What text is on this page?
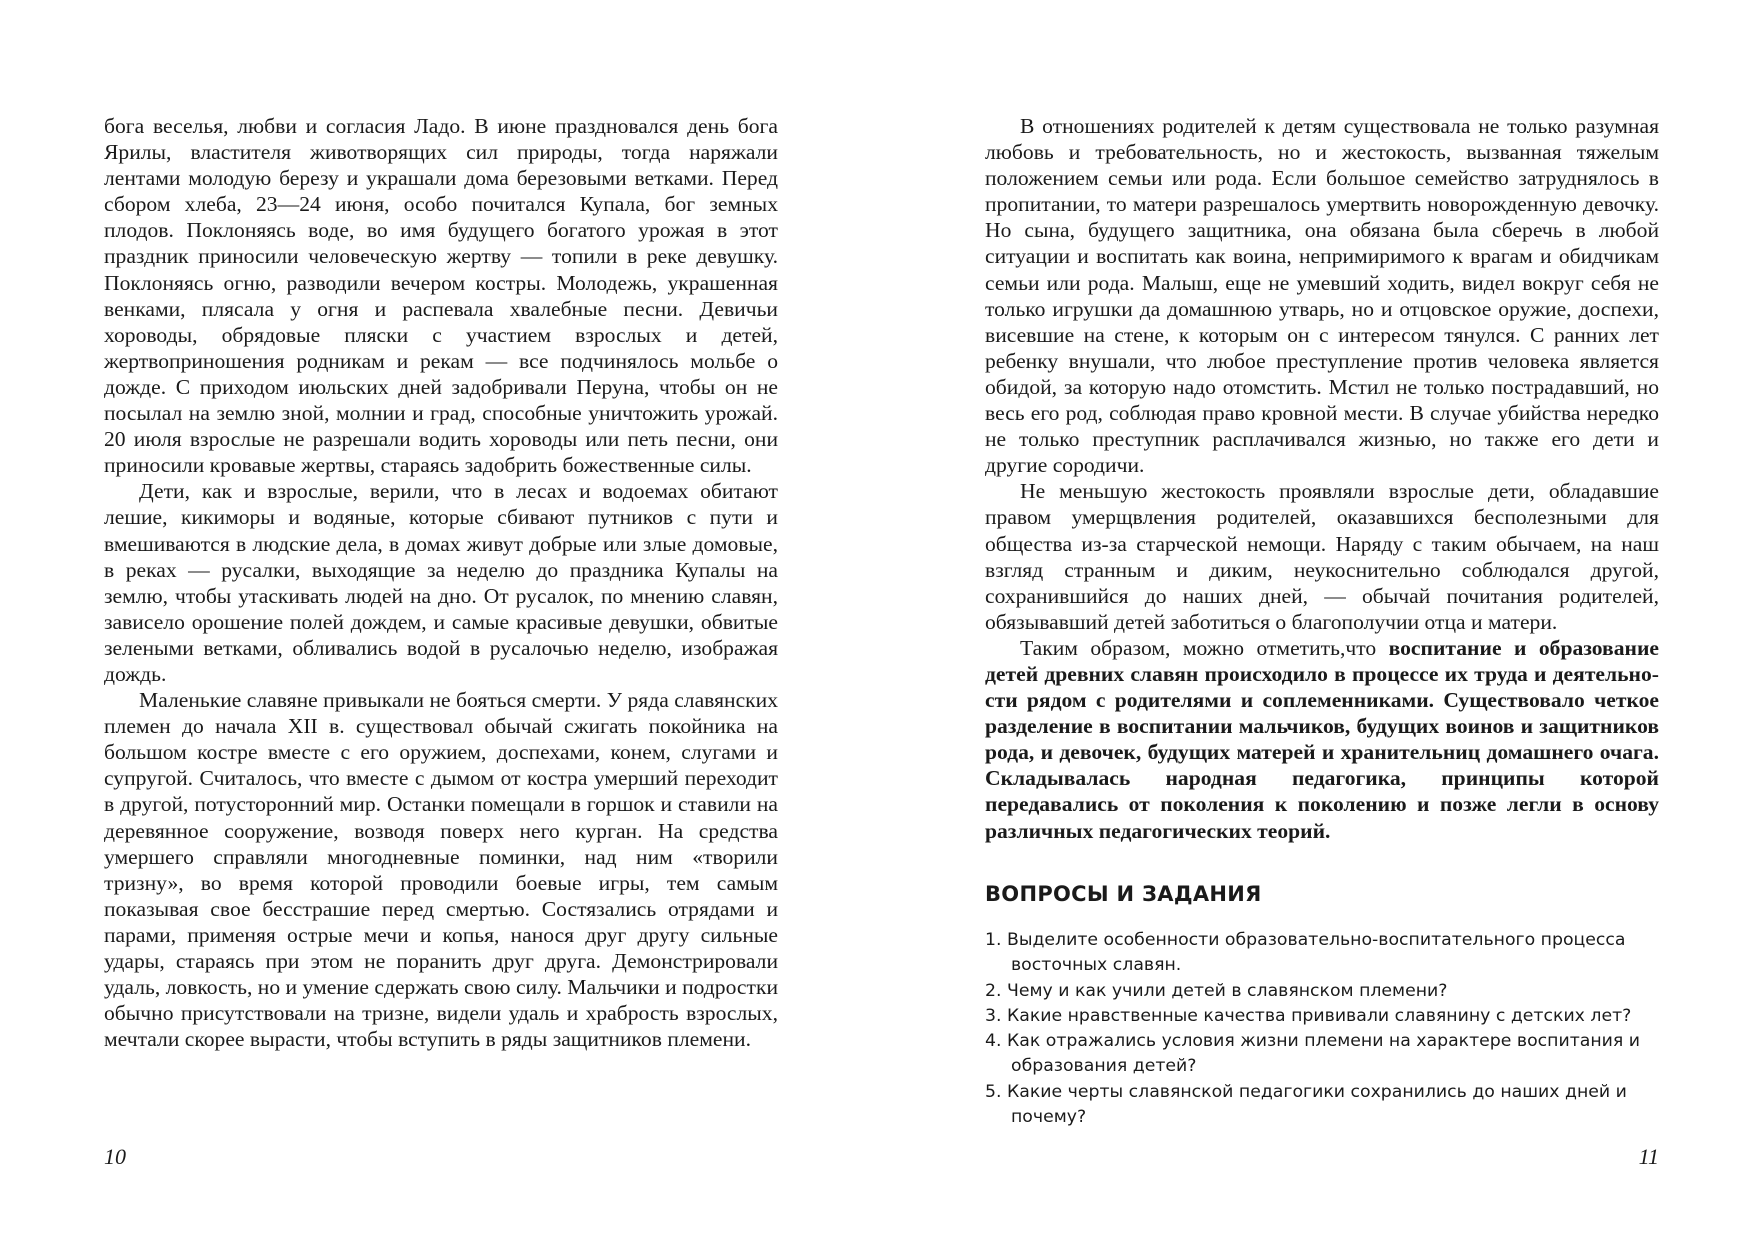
бога веселья, любви и согласия Ладо. В июне праздновался день бога Ярилы, властителя животворящих сил природы, тогда наряжали лентами молодую березу и украшали дома березовыми ветками. Перед сбором хлеба, 23—24 июня, особо почитался Купала, бог земных плодов. Поклоняясь воде, во имя будущего богатого урожая в этот праздник приносили человеческую жертву — топили в реке девушку. Поклоняясь огню, разводили вечером костры. Молодежь, украшенная венками, плясала у огня и распевала хвалебные песни. Девичьи хороводы, обрядовые пляски с участием взрослых и детей, жертвоприношения родникам и рекам — все подчинялось мольбе о дожде. С приходом июльских дней задобривали Перуна, чтобы он не посылал на землю зной, молнии и град, способные уничтожить урожай. 20 июля взрослые не разрешали водить хороводы или петь песни, они приносили кровавые жертвы, стараясь задобрить божественные силы.

Дети, как и взрослые, верили, что в лесах и водоемах обитают лешие, кикиморы и водяные, которые сбивают путников с пути и вмешиваются в людские дела, в домах живут добрые или злые домовые, в реках — русалки, выходящие за неделю до праздника Купалы на землю, чтобы утаскивать людей на дно. От русалок, по мнению славян, зависело орошение полей дождем, и самые красивые девушки, обвитые зелеными ветками, обливались водой в русалочью неделю, изображая дождь.

Маленькие славяне привыкали не бояться смерти. У ряда славянских племен до начала XII в. существовал обычай сжигать покойника на большом костре вместе с его оружием, доспехами, конем, слугами и супругой. Считалось, что вместе с дымом от костра умерший переходит в другой, потусторонний мир. Останки помещали в горшок и ставили на деревянное сооружение, возводя поверх него курган. На средства умершего справляли многодневные поминки, над ним «творили тризну», во время которой проводили боевые игры, тем самым показывая свое бесстрашие перед смертью. Состязались отрядами и парами, применяя острые мечи и копья, нанося друг другу сильные удары, стараясь при этом не поранить друг друга. Демонстрировали удаль, ловкость, но и умение сдержать свою силу. Мальчики и подростки обычно присутствовали на тризне, видели удаль и храбрость взрослых, мечтали скорее вырасти, чтобы вступить в ряды защитников племени.

10

В отношениях родителей к детям существовала не только разумная любовь и требовательность, но и жестокость, вызванная тяжелым положением семьи или рода. Если большое семейство затруднялось в пропитании, то матери разрешалось умертвить новорожденную девочку. Но сына, будущего защитника, она обязана была сберечь в любой ситуации и воспитать как воина, непримиримого к врагам и обидчикам семьи или рода. Малыш, еще не умевший ходить, видел вокруг себя не только игрушки да домашнюю утварь, но и отцовское оружие, доспехи, висевшие на стене, к которым он с интересом тянулся. С ранних лет ребенку внушали, что любое преступление против человека является обидой, за которую надо отомстить. Мстил не только пострадавший, но весь его род, соблюдая право кровной мести. В случае убийства нередко не только преступник расплачивался жизнью, но также его дети и другие сородичи.

Не меньшую жестокость проявляли взрослые дети, обладавшие правом умерщвления родителей, оказавшихся бесполезными для общества из-за старческой немощи. Наряду с таким обычаем, на наш взгляд странным и диким, неукоснительно соблюдался другой, сохранившийся до наших дней, — обычай почитания родителей, обязывавший детей заботиться о благополучии отца и матери.

Таким образом, можно отметить,что воспитание и образование детей древних славян происходило в процессе их труда и деятельности рядом с родителями и соплеменниками. Существовало четкое разделение в воспитании мальчиков, будущих воинов и защитников рода, и девочек, будущих матерей и хранительниц домашнего очага. Складывалась народная педагогика, принципы которой передавались от поколения к поколению и позже легли в основу различных педагогических теорий.

ВОПРОСЫ И ЗАДАНИЯ
1. Выделите особенности образовательно-воспитательного процесса
восточных славян.
2. Чему и как учили детей в славянском племени?
3. Какие нравственные качества прививали славянину с детских лет?
4. Как отражались условия жизни племени на характере воспитания и
образования детей?
5. Какие черты славянской педагогики сохранились до наших дней и
почему?
11
